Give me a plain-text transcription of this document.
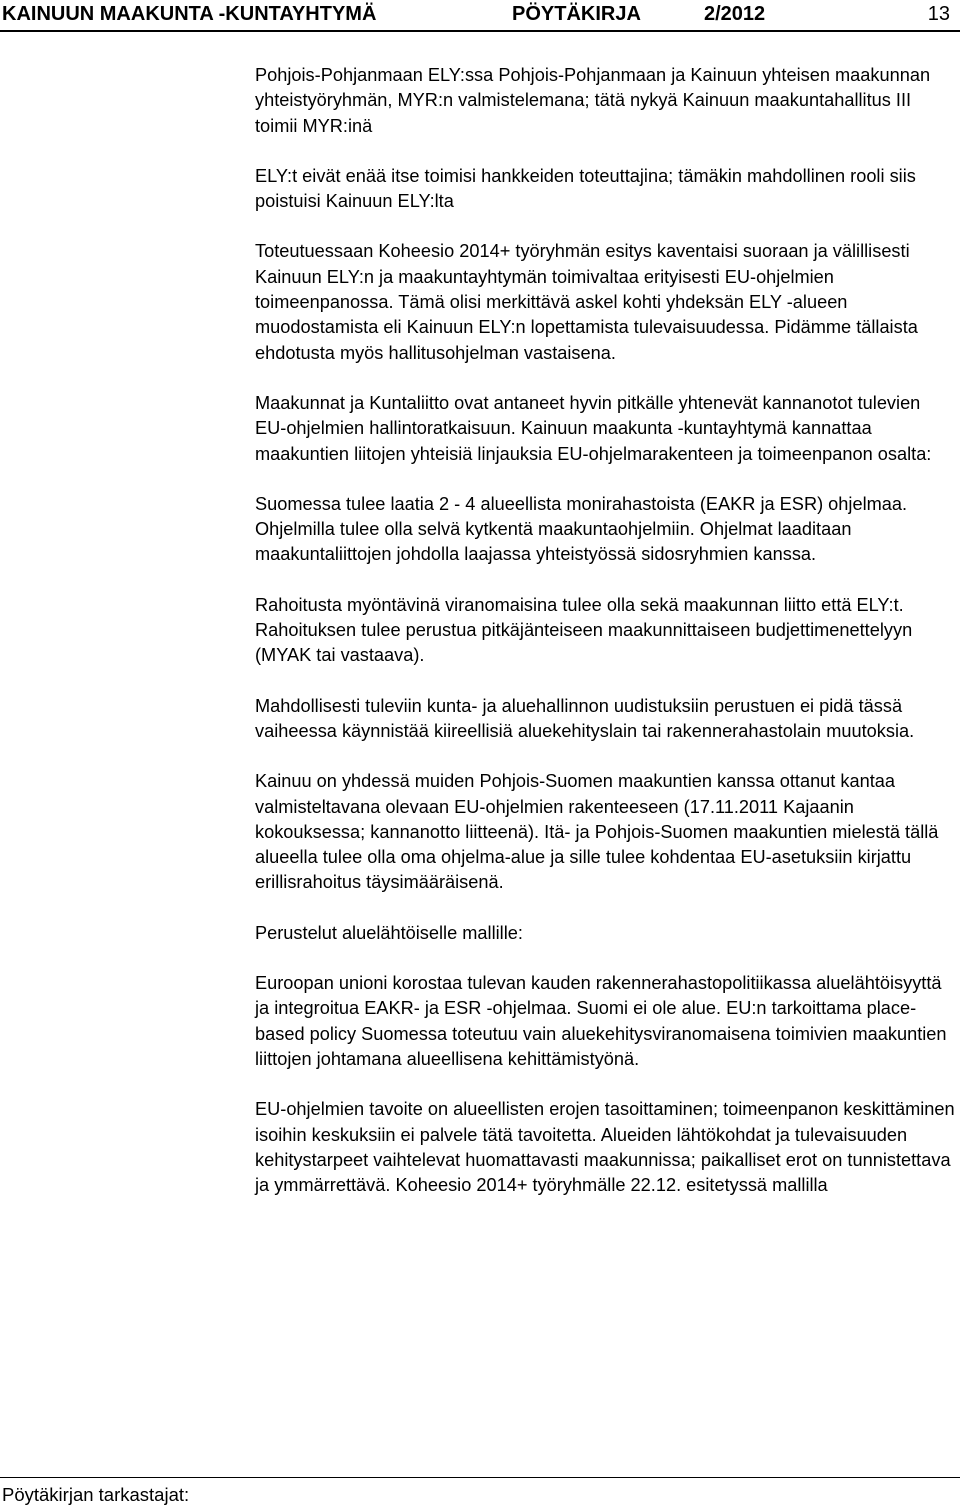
KAINUUN MAAKUNTA -KUNTAYHTYMÄ	PÖYTÄKIRJA	2/2012	13

Pohjois-Pohjanmaan ELY:ssa Pohjois-Pohjanmaan ja Kainuun yhteisen maakunnan yhteistyöryhmän, MYR:n valmistelemana; tätä nykyä Kainuun maakuntahallitus III toimii MYR:inä

ELY:t eivät enää itse toimisi hankkeiden toteuttajina; tämäkin mahdollinen rooli siis poistuisi Kainuun ELY:lta

Toteutuessaan Koheesio 2014+ työryhmän esitys kaventaisi suoraan ja välillisesti Kainuun ELY:n ja maakuntayhtymän toimivaltaa erityisesti EU-ohjelmien toimeenpanossa. Tämä olisi merkittävä askel kohti yhdeksän ELY -alueen muodostamista eli Kainuun ELY:n lopettamista tulevaisuudessa. Pidämme tällaista ehdotusta myös hallitusohjelman vastaisena.

Maakunnat ja Kuntaliitto ovat antaneet hyvin pitkälle yhtenevät kannanotot tulevien EU-ohjelmien hallintoratkaisuun. Kainuun maakunta -kuntayhtymä kannattaa maakuntien liitojen yhteisiä linjauksia EU-ohjelmarakenteen ja toimeenpanon osalta:

Suomessa tulee laatia 2 - 4 alueellista monirahastoista (EAKR ja ESR) ohjelmaa. Ohjelmilla tulee olla selvä kytkentä maakuntaohjelmiin. Ohjelmat laaditaan maakuntaliittojen johdolla laajassa yhteistyössä sidosryhmien kanssa.

Rahoitusta myöntävinä viranomaisina tulee olla sekä maakunnan liitto että ELY:t. Rahoituksen tulee perustua pitkäjänteiseen maakunnittaiseen budjettimenettelyyn (MYAK tai vastaava).

Mahdollisesti tuleviin kunta- ja aluehallinnon uudistuksiin perustuen ei pidä tässä vaiheessa käynnistää kiireellisiä aluekehityslain tai rakennerahastolain muutoksia.

Kainuu on yhdessä muiden Pohjois-Suomen maakuntien kanssa ottanut kantaa valmisteltavana olevaan EU-ohjelmien rakenteeseen (17.11.2011 Kajaanin kokouksessa; kannanotto liitteenä). Itä- ja Pohjois-Suomen maakuntien mielestä tällä alueella tulee olla oma ohjelma-alue ja sille tulee kohdentaa EU-asetuksiin kirjattu erillisrahoitus täysimääräisenä.

Perustelut aluelähtöiselle mallille:

Euroopan unioni korostaa tulevan kauden rakennerahastopolitiikassa aluelähtöisyyttä ja integroitua EAKR- ja ESR -ohjelmaa. Suomi ei ole alue. EU:n tarkoittama place-based policy Suomessa toteutuu vain aluekehitysviranomaisena toimivien maakuntien liittojen johtamana alueellisena kehittämistyönä.

EU-ohjelmien tavoite on alueellisten erojen tasoittaminen; toimeenpanon keskittäminen isoihin keskuksiin ei palvele tätä tavoitetta. Alueiden lähtökohdat ja tulevaisuuden kehitystarpeet vaihtelevat huomattavasti maakunnissa; paikalliset erot on tunnistettava ja ymmärrettävä. Koheesio 2014+ työryhmälle 22.12. esitetyssä mallilla

Pöytäkirjan tarkastajat:
